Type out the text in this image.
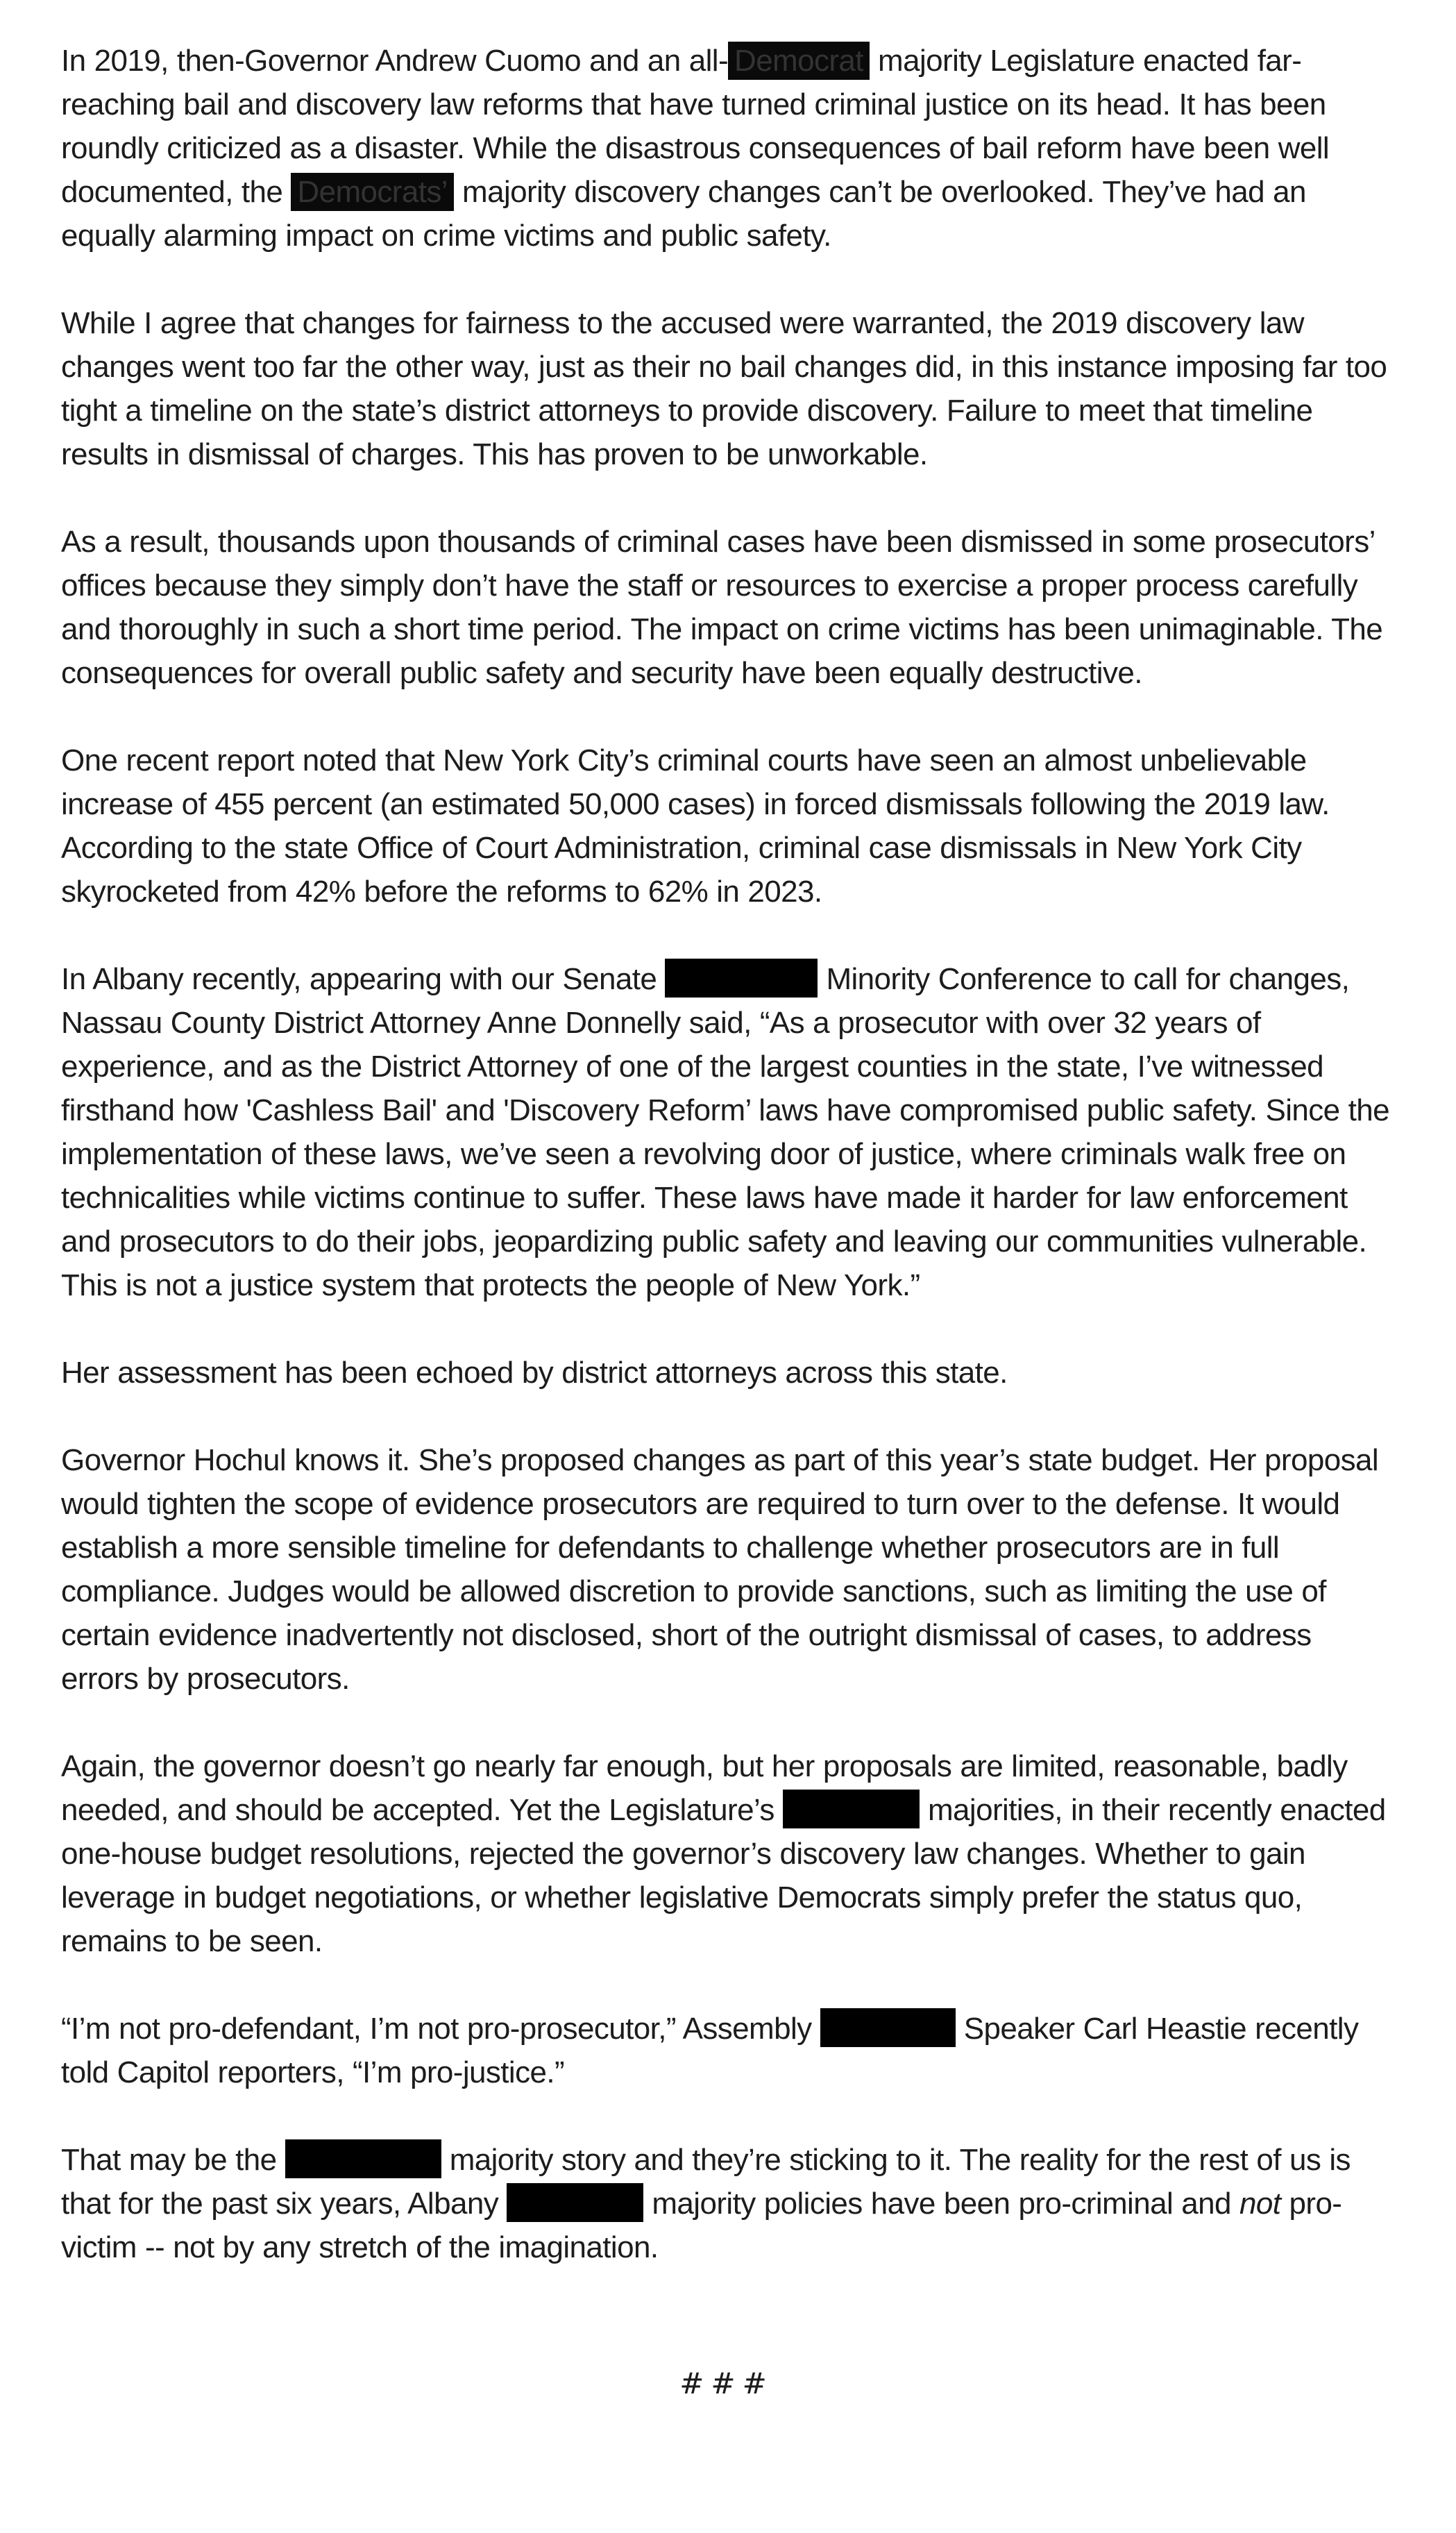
In 2019, then-Governor Andrew Cuomo and an all- Democrat majority Legislature enacted far-reaching bail and discovery law reforms that have turned criminal justice on its head. It has been roundly criticized as a disaster. While the disastrous consequences of bail reform have been well documented, the Democrats’ majority discovery changes can’t be overlooked. They’ve had an equally alarming impact on crime victims and public safety.

While I agree that changes for fairness to the accused were warranted, the 2019 discovery law changes went too far the other way, just as their no bail changes did, in this instance imposing far too tight a timeline on the state’s district attorneys to provide discovery. Failure to meet that timeline results in dismissal of charges. This has proven to be unworkable.

As a result, thousands upon thousands of criminal cases have been dismissed in some prosecutors’ offices because they simply don’t have the staff or resources to exercise a proper process carefully and thoroughly in such a short time period. The impact on crime victims has been unimaginable. The consequences for overall public safety and security have been equally destructive.

One recent report noted that New York City’s criminal courts have seen an almost unbelievable increase of 455 percent (an estimated 50,000 cases) in forced dismissals following the 2019 law. According to the state Office of Court Administration, criminal case dismissals in New York City skyrocketed from 42% before the reforms to 62% in 2023.

In Albany recently, appearing with our Senate	Minority Conference to call for changes, Nassau County District Attorney Anne Donnelly said, “As a prosecutor with over 32 years of experience, and as the District Attorney of one of the largest counties in the state, I’ve witnessed firsthand how 'Cashless Bail' and 'Discovery Reform’ laws have compromised public safety. Since the implementation of these laws, we’ve seen a revolving door of justice, where criminals walk free on technicalities while victims continue to suffer. These laws have made it harder for law enforcement and prosecutors to do their jobs, jeopardizing public safety and leaving our communities vulnerable. This is not a justice system that protects the people of New York.”

Her assessment has been echoed by district attorneys across this state.

Governor Hochul knows it. She’s proposed changes as part of this year’s state budget. Her proposal would tighten the scope of evidence prosecutors are required to turn over to the defense. It would establish a more sensible timeline for defendants to challenge whether prosecutors are in full compliance. Judges would be allowed discretion to provide sanctions, such as limiting the use of certain evidence inadvertently not disclosed, short of the outright dismissal of cases, to address errors by prosecutors.

Again, the governor doesn’t go nearly far enough, but her proposals are limited, reasonable, badly needed, and should be accepted. Yet the Legislature’s	majorities, in their recently enacted one-house budget resolutions, rejected the governor’s discovery law changes. Whether to gain leverage in budget negotiations, or whether legislative Democrats simply prefer the status quo, remains to be seen.

“I’m not pro-defendant, I’m not pro-prosecutor,” Assembly	Speaker Carl Heastie recently told Capitol reporters, “I’m pro-justice.”

That may be the	majority story and they’re sticking to it. The reality for the rest of us is that for the past six years, Albany	majority policies have been pro-criminal and not pro-victim -- not by any stretch of the imagination.

###
